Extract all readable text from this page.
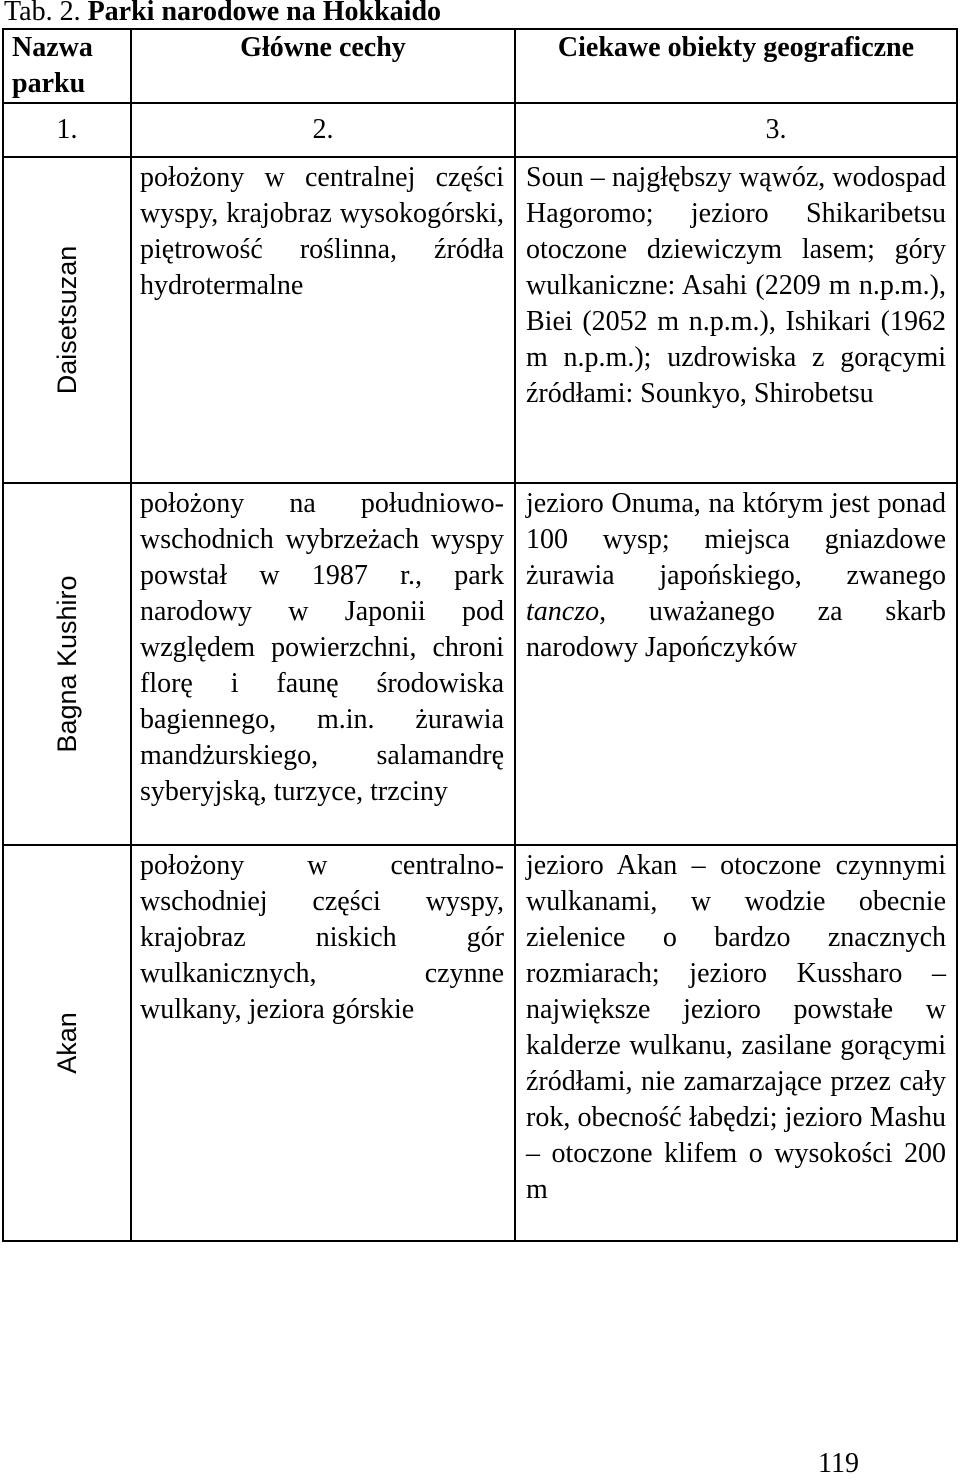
Tab. 2. Parki narodowe na Hokkaido
Nazwa parku	Główne cechy	Ciekawe obiekty geograficzne
1.	2.	3.

Daisetsuzan	położony w centralnej części wyspy, krajobraz wysokogórski, piętrowość roślinna, źródła hydrotermalne	Soun – najgłębszy wąwóz, wodospad Hagoromo; jezioro Shikaribetsu otoczone dziewiczym lasem; góry wulkaniczne: Asahi (2209 m n.p.m.), Biei (2052 m n.p.m.), Ishikari (1962 m n.p.m.); uzdrowiska z gorącymi źródłami: Sounkyo, Shirobetsu

Bagna Kushiro	położony na południowo-wschodnich wybrzeżach wyspy powstał w 1987 r., park narodowy w Japonii pod względem powierzchni, chroni florę i faunę środowiska bagiennego, m.in. żurawia mandżurskiego, salamandrę syberyjską, turzyce, trzciny	jezioro Onuma, na którym jest ponad 100 wysp; miejsca gniazdowe żurawia japońskiego, zwanego tanczo, uważanego za skarb narodowy Japończyków

Akan	położony w centralno-wschodniej części wyspy, krajobraz niskich gór wulkanicznych, czynne wulkany, jeziora górskie	jezioro Akan – otoczone czynnymi wulkanami, w wodzie obecnie zielenice o bardzo znacznych rozmiarach; jezioro Kussharo – największe jezioro powstałe w kalderze wulkanu, zasilane gorącymi źródłami, nie zamarzające przez cały rok, obecność łabędzi; jezioro Mashu – otoczone klifem o wysokości 200 m
119
